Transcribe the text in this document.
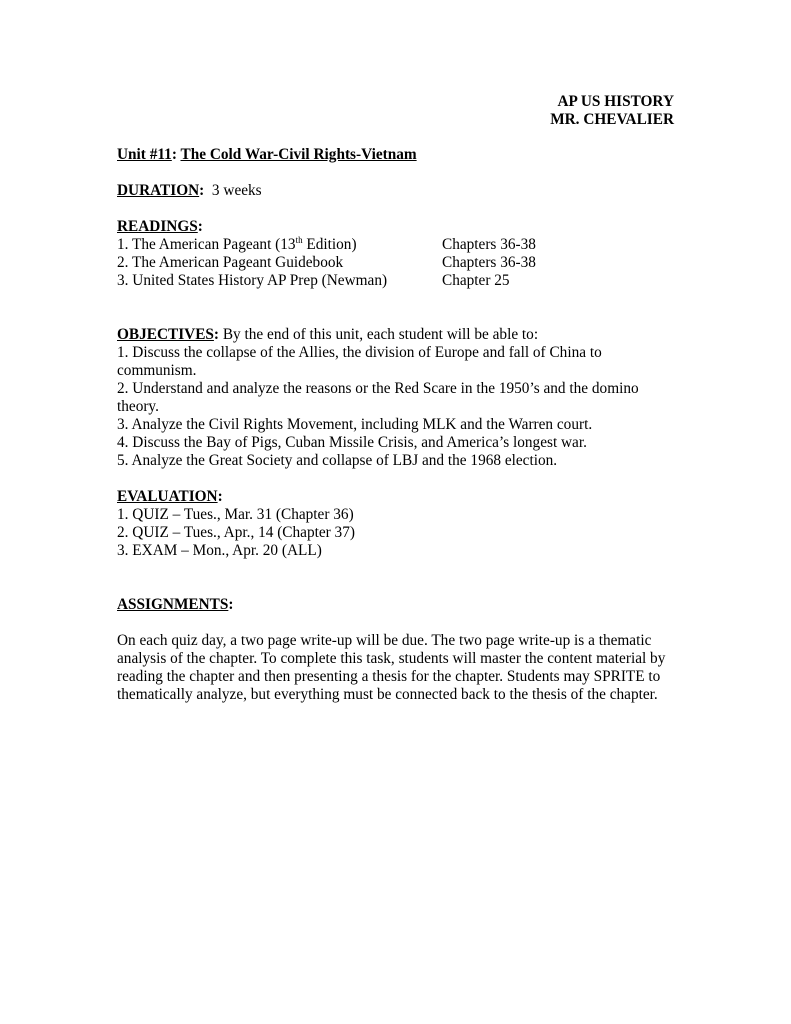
AP US HISTORY
MR. CHEVALIER

Unit #11: The Cold War-Civil Rights-Vietnam

DURATION: 3 weeks

READINGS:

1. The American Pageant (13th Edition)	Chapters 36-38
2. The American Pageant Guidebook	Chapters 36-38
3. United States History AP Prep (Newman)	Chapter 25

OBJECTIVES: By the end of this unit, each student will be able to:

1. Discuss the collapse of the Allies, the division of Europe and fall of China to communism.

2. Understand and analyze the reasons or the Red Scare in the 1950’s and the domino theory.

3. Analyze the Civil Rights Movement, including MLK and the Warren court.

4. Discuss the Bay of Pigs, Cuban Missile Crisis, and America’s longest war.

5. Analyze the Great Society and collapse of LBJ and the 1968 election.

EVALUATION:

1. QUIZ – Tues., Mar. 31 (Chapter 36)

2. QUIZ – Tues., Apr., 14 (Chapter 37)

3. EXAM – Mon., Apr. 20 (ALL)

ASSIGNMENTS:

On each quiz day, a two page write-up will be due. The two page write-up is a thematic analysis of the chapter. To complete this task, students will master the content material by reading the chapter and then presenting a thesis for the chapter. Students may SPRITE to thematically analyze, but everything must be connected back to the thesis of the chapter.
